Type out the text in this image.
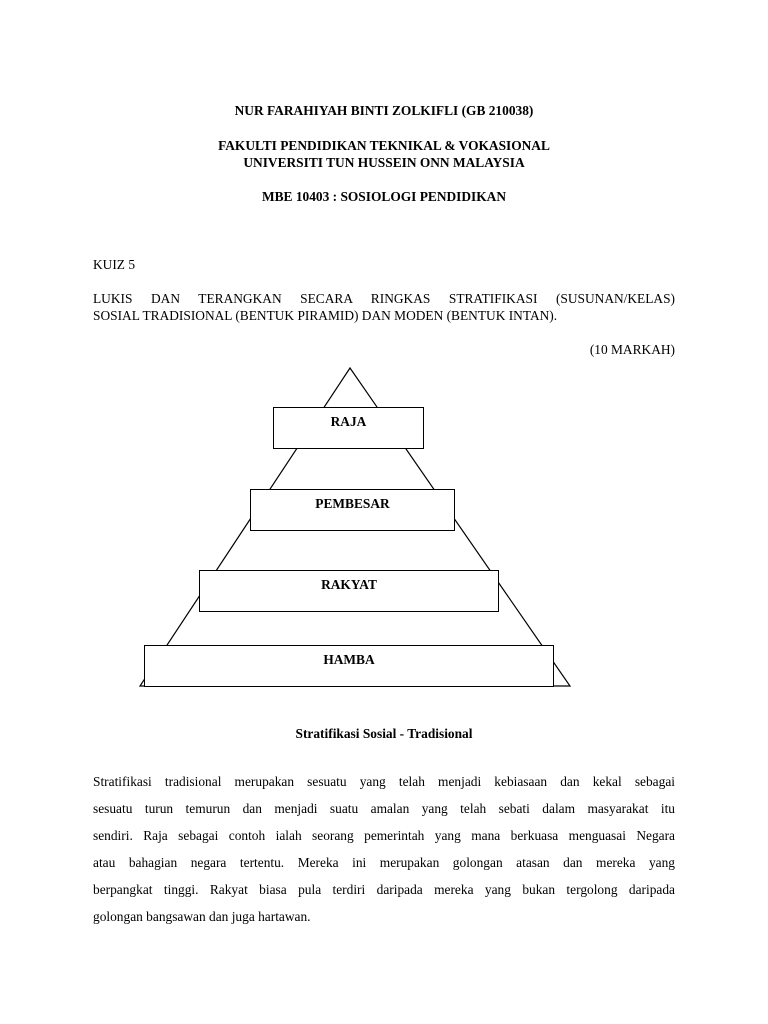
NUR FARAHIYAH BINTI ZOLKIFLI (GB 210038)
FAKULTI PENDIDIKAN TEKNIKAL & VOKASIONAL
UNIVERSITI TUN HUSSEIN ONN MALAYSIA
MBE 10403 : SOSIOLOGI PENDIDIKAN
KUIZ 5
LUKIS DAN TERANGKAN SECARA RINGKAS STRATIFIKASI (SUSUNAN/KELAS)
SOSIAL TRADISIONAL (BENTUK PIRAMID) DAN MODEN (BENTUK INTAN).
(10 MARKAH)
RAJA
PEMBESAR
RAKYAT
HAMBA
Stratifikasi Sosial - Tradisional
Stratifikasi tradisional merupakan sesuatu yang telah menjadi kebiasaan dan kekal sebagai
sesuatu turun temurun dan menjadi suatu amalan yang telah sebati dalam masyarakat itu
sendiri. Raja sebagai contoh ialah seorang pemerintah yang mana berkuasa menguasai Negara
atau bahagian negara tertentu. Mereka ini merupakan golongan atasan dan mereka yang
berpangkat tinggi. Rakyat biasa pula terdiri daripada mereka yang bukan tergolong daripada
golongan bangsawan dan juga hartawan.
